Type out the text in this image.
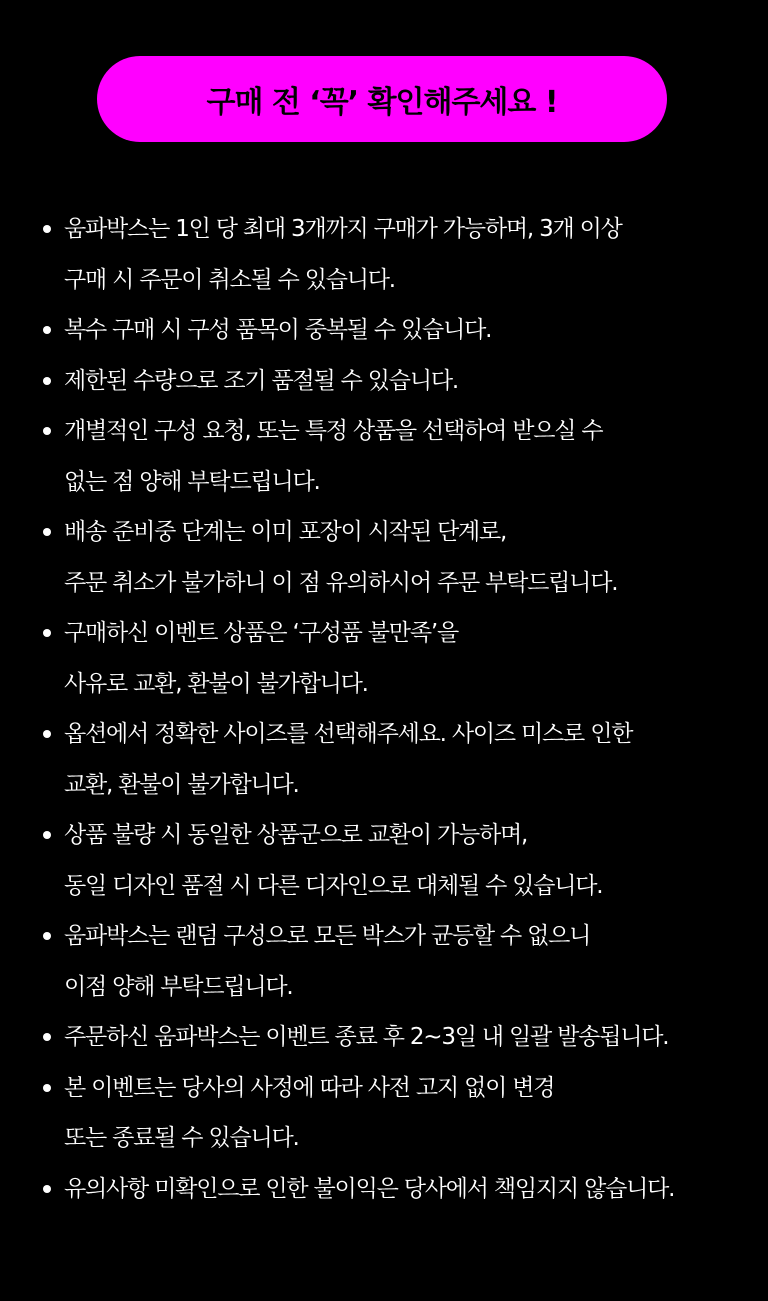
구매 전 ‘꼭’ 확인해주세요 !
움파박스는 1인 당 최대 3개까지 구매가 가능하며, 3개 이상
구매 시 주문이 취소될 수 있습니다.
복수 구매 시 구성 품목이 중복될 수 있습니다.
제한된 수량으로 조기 품절될 수 있습니다.
개별적인 구성 요청, 또는 특정 상품을 선택하여 받으실 수
없는 점 양해 부탁드립니다.
배송 준비중 단계는 이미 포장이 시작된 단계로,
주문 취소가 불가하니 이 점 유의하시어 주문 부탁드립니다.
구매하신 이벤트 상품은 ‘구성품 불만족’을
사유로 교환, 환불이 불가합니다.
옵션에서 정확한 사이즈를 선택해주세요. 사이즈 미스로 인한
교환, 환불이 불가합니다.
상품 불량 시 동일한 상품군으로 교환이 가능하며,
동일 디자인 품절 시 다른 디자인으로 대체될 수 있습니다.
움파박스는 랜덤 구성으로 모든 박스가 균등할 수 없으니
이점 양해 부탁드립니다.
주문하신 움파박스는 이벤트 종료 후 2~3일 내 일괄 발송됩니다.
본 이벤트는 당사의 사정에 따라 사전 고지 없이 변경
또는 종료될 수 있습니다.
유의사항 미확인으로 인한 불이익은 당사에서 책임지지 않습니다.
